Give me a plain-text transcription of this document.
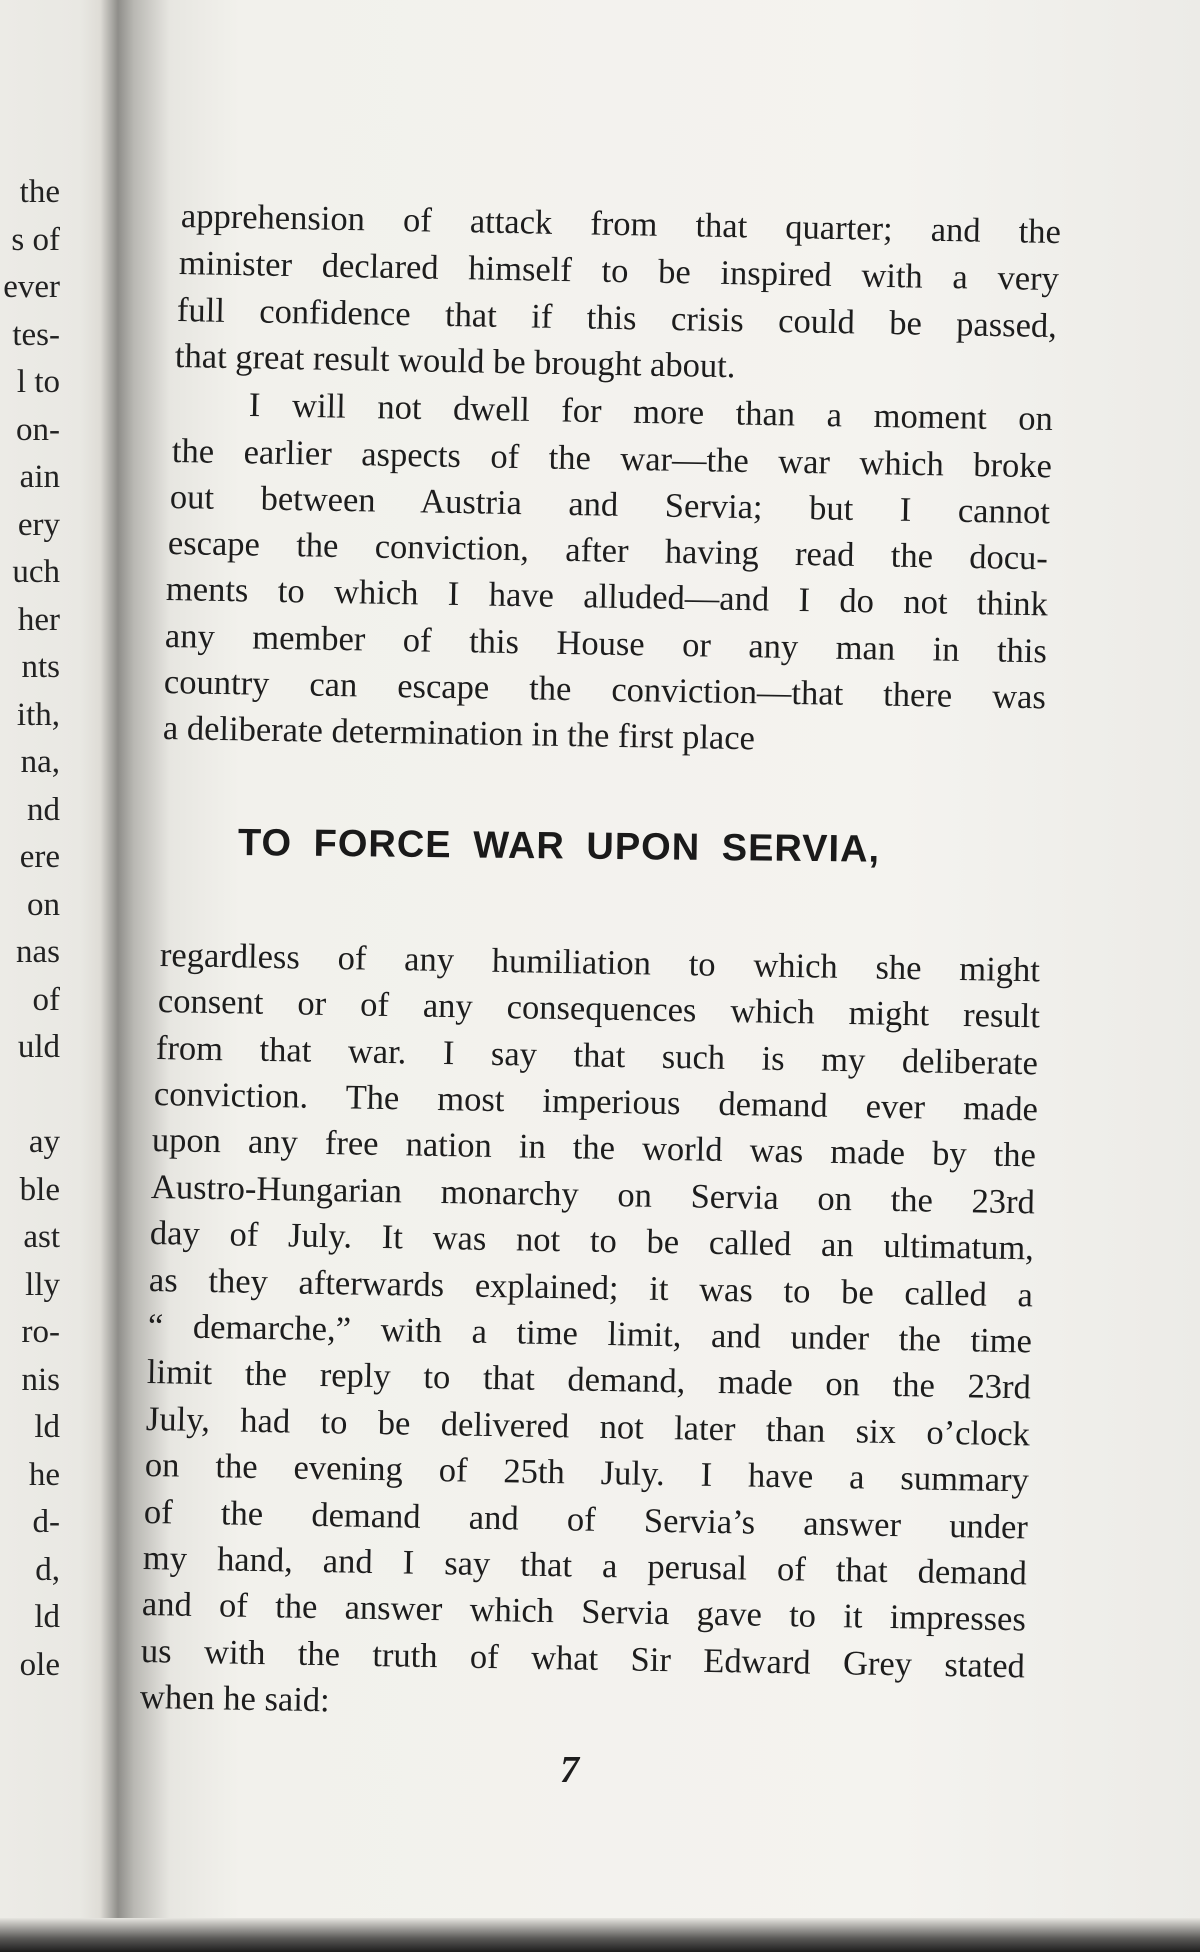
the
s of
ever
tes-
l to
on-
ain
ery
uch
her
nts
ith,
na,
nd
ere
on
nas
of
uld
ay
ble
ast
lly
ro-
nis
ld
he
d-
d,
ld
ole
apprehension of attack from that quarter; and the
minister declared himself to be inspired with a very
full confidence that if this crisis could be passed,
that great result would be brought about.
I will not dwell for more than a moment on
the earlier aspects of the war—the war which broke
out between Austria and Servia; but I cannot
escape the conviction, after having read the docu-
ments to which I have alluded—and I do not think
any member of this House or any man in this
country can escape the conviction—that there was
a deliberate determination in the first place
TO FORCE WAR UPON SERVIA,
regardless of any humiliation to which she might
consent or of any consequences which might result
from that war. I say that such is my deliberate
conviction. The most imperious demand ever made
upon any free nation in the world was made by the
Austro-Hungarian monarchy on Servia on the 23rd
day of July. It was not to be called an ultimatum,
as they afterwards explained; it was to be called a
“ demarche,” with a time limit, and under the time
limit the reply to that demand, made on the 23rd
July, had to be delivered not later than six o’clock
on the evening of 25th July. I have a summary
of the demand and of Servia’s answer under
my hand, and I say that a perusal of that demand
and of the answer which Servia gave to it impresses
us with the truth of what Sir Edward Grey stated
when he said:
7
